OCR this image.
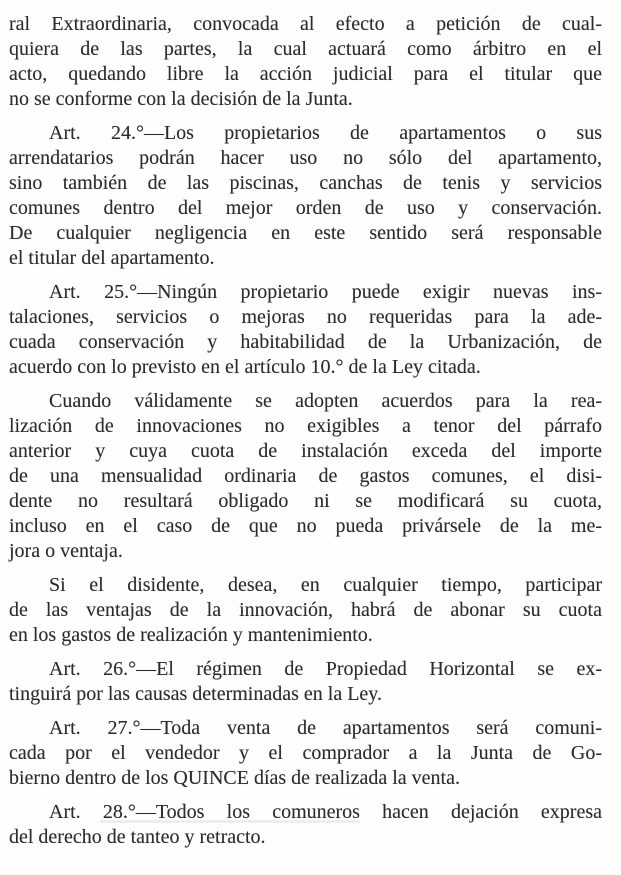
ral Extraordinaria, convocada al efecto a petición de cual-
quiera de las partes, la cual actuará como árbitro en el
acto, quedando libre la acción judicial para el titular que
no se conforme con la decisión de la Junta.
Art. 24.°—Los propietarios de apartamentos o sus
arrendatarios podrán hacer uso no sólo del apartamento,
sino también de las piscinas, canchas de tenis y servicios
comunes dentro del mejor orden de uso y conservación.
De cualquier negligencia en este sentido será responsable
el titular del apartamento.
Art. 25.°—Ningún propietario puede exigir nuevas ins-
talaciones, servicios o mejoras no requeridas para la ade-
cuada conservación y habitabilidad de la Urbanización, de
acuerdo con lo previsto en el artículo 10.° de la Ley citada.
Cuando válidamente se adopten acuerdos para la rea-
lización de innovaciones no exigibles a tenor del párrafo
anterior y cuya cuota de instalación exceda del importe
de una mensualidad ordinaria de gastos comunes, el disi-
dente no resultará obligado ni se modificará su cuota,
incluso en el caso de que no pueda privársele de la me-
jora o ventaja.
Si el disidente, desea, en cualquier tiempo, participar
de las ventajas de la innovación, habrá de abonar su cuota
en los gastos de realización y mantenimiento.
Art. 26.°—El régimen de Propiedad Horizontal se ex-
tinguirá por las causas determinadas en la Ley.
Art. 27.°—Toda venta de apartamentos será comuni-
cada por el vendedor y el comprador a la Junta de Go-
bierno dentro de los QUINCE días de realizada la venta.
Art. 28.°—Todos los comuneros hacen dejación expresa
del derecho de tanteo y retracto.
